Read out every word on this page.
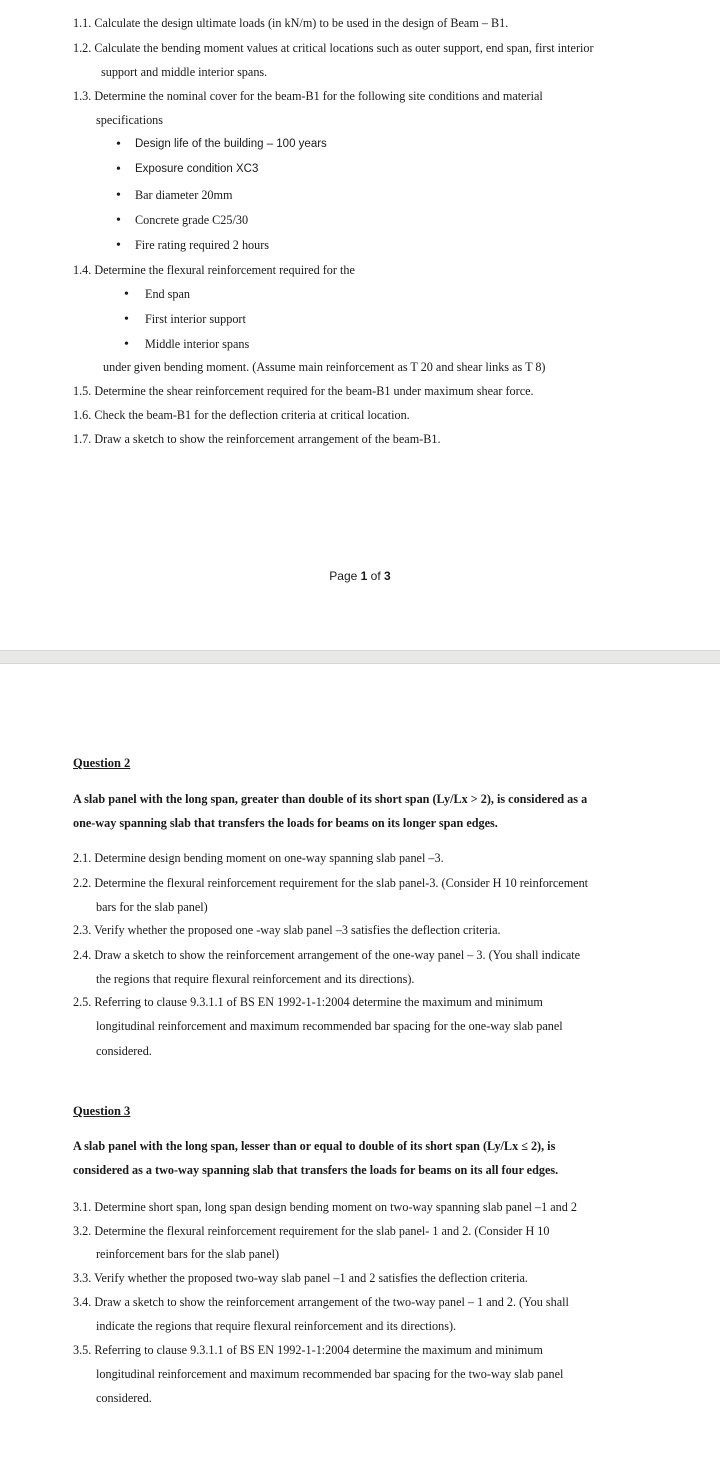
1.1. Calculate the design ultimate loads (in kN/m) to be used in the design of Beam – B1.
1.2. Calculate the bending moment values at critical locations such as outer support, end span, first interior
support and middle interior spans.
1.3. Determine the nominal cover for the beam-B1 for the following site conditions and material
specifications
• Design life of the building – 100 years
• Exposure condition XC3
• Bar diameter 20mm
• Concrete grade C25/30
• Fire rating required 2 hours
1.4. Determine the flexural reinforcement required for the
• End span
• First interior support
• Middle interior spans
under given bending moment. (Assume main reinforcement as T 20 and shear links as T 8)
1.5. Determine the shear reinforcement required for the beam-B1 under maximum shear force.
1.6. Check the beam-B1 for the deflection criteria at critical location.
1.7. Draw a sketch to show the reinforcement arrangement of the beam-B1.
Page 1 of 3
Question 2
A slab panel with the long span, greater than double of its short span (Ly/Lx > 2), is considered as a
one-way spanning slab that transfers the loads for beams on its longer span edges.
2.1. Determine design bending moment on one-way spanning slab panel –3.
2.2. Determine the flexural reinforcement requirement for the slab panel-3. (Consider H 10 reinforcement
bars for the slab panel)
2.3. Verify whether the proposed one -way slab panel –3 satisfies the deflection criteria.
2.4. Draw a sketch to show the reinforcement arrangement of the one-way panel – 3. (You shall indicate
the regions that require flexural reinforcement and its directions).
2.5. Referring to clause 9.3.1.1 of BS EN 1992-1-1:2004 determine the maximum and minimum
longitudinal reinforcement and maximum recommended bar spacing for the one-way slab panel
considered.
Question 3
A slab panel with the long span, lesser than or equal to double of its short span (Ly/Lx ≤ 2), is
considered as a two-way spanning slab that transfers the loads for beams on its all four edges.
3.1. Determine short span, long span design bending moment on two-way spanning slab panel –1 and 2
3.2. Determine the flexural reinforcement requirement for the slab panel- 1 and 2. (Consider H 10
reinforcement bars for the slab panel)
3.3. Verify whether the proposed two-way slab panel –1 and 2 satisfies the deflection criteria.
3.4. Draw a sketch to show the reinforcement arrangement of the two-way panel – 1 and 2. (You shall
indicate the regions that require flexural reinforcement and its directions).
3.5. Referring to clause 9.3.1.1 of BS EN 1992-1-1:2004 determine the maximum and minimum
longitudinal reinforcement and maximum recommended bar spacing for the two-way slab panel
considered.
